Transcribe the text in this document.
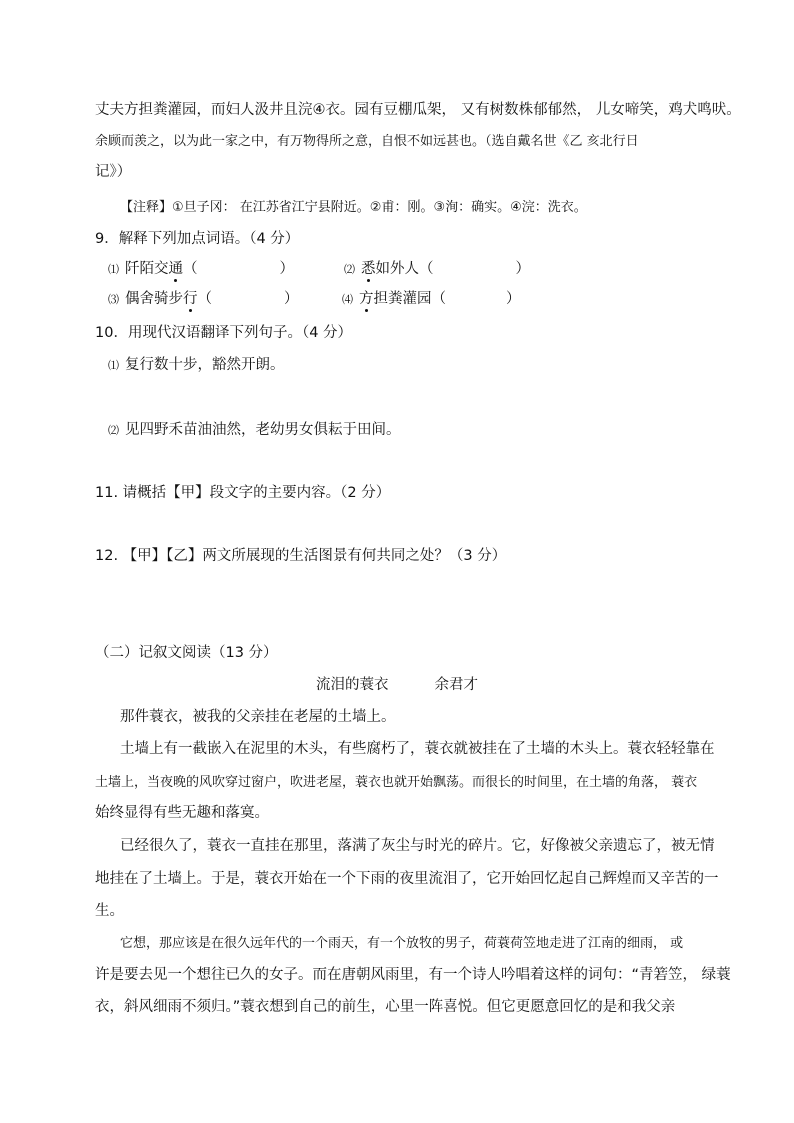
丈夫方担粪灌园，而妇人汲井且浣④衣。园有豆棚瓜架， 又有树数株郁郁然， 儿女啼笑，鸡犬鸣吠。
余顾而羡之，以为此一家之中，有万物得所之意，自恨不如远甚也。（选自戴名世《乙 亥北行日
记》）
【注释】①旦子冈： 在江苏省江宁县附近。②甫：刚。③洵：确实。④浣：洗衣。
9．解释下列加点词语。（4 分）
⑴ 阡陌交通（	）	⑵ 悉如外人（	）
⑶ 偶舍骑步行（	）	⑷ 方担粪灌园（	）
10．用现代汉语翻译下列句子。（4 分）
⑴ 复行数十步，豁然开朗。
⑵ 见四野禾苗油油然，老幼男女俱耘于田间。
11. 请概括【甲】段文字的主要内容。（2 分）
12. 【甲】【乙】两文所展现的生活图景有何共同之处？（3 分）
（二）记叙文阅读（13 分）
流泪的蓑衣	余君才
那件蓑衣，被我的父亲挂在老屋的土墙上。
土墙上有一截嵌入在泥里的木头，有些腐朽了，蓑衣就被挂在了土墙的木头上。蓑衣轻轻靠在
土墙上，当夜晚的风吹穿过窗户，吹进老屋，蓑衣也就开始飘荡。而很长的时间里，在土墙的角落， 蓑衣
始终显得有些无趣和落寞。
已经很久了，蓑衣一直挂在那里，落满了灰尘与时光的碎片。它，好像被父亲遗忘了，被无情
地挂在了土墙上。于是，蓑衣开始在一个下雨的夜里流泪了，它开始回忆起自己辉煌而又辛苦的一
生。
它想，那应该是在很久远年代的一个雨天，有一个放牧的男子，荷蓑荷笠地走进了江南的细雨， 或
许是要去见一个想往已久的女子。而在唐朝风雨里，有一个诗人吟唱着这样的词句：“青箬笠， 绿蓑
衣，斜风细雨不须归。”蓑衣想到自己的前生，心里一阵喜悦。但它更愿意回忆的是和我父亲
